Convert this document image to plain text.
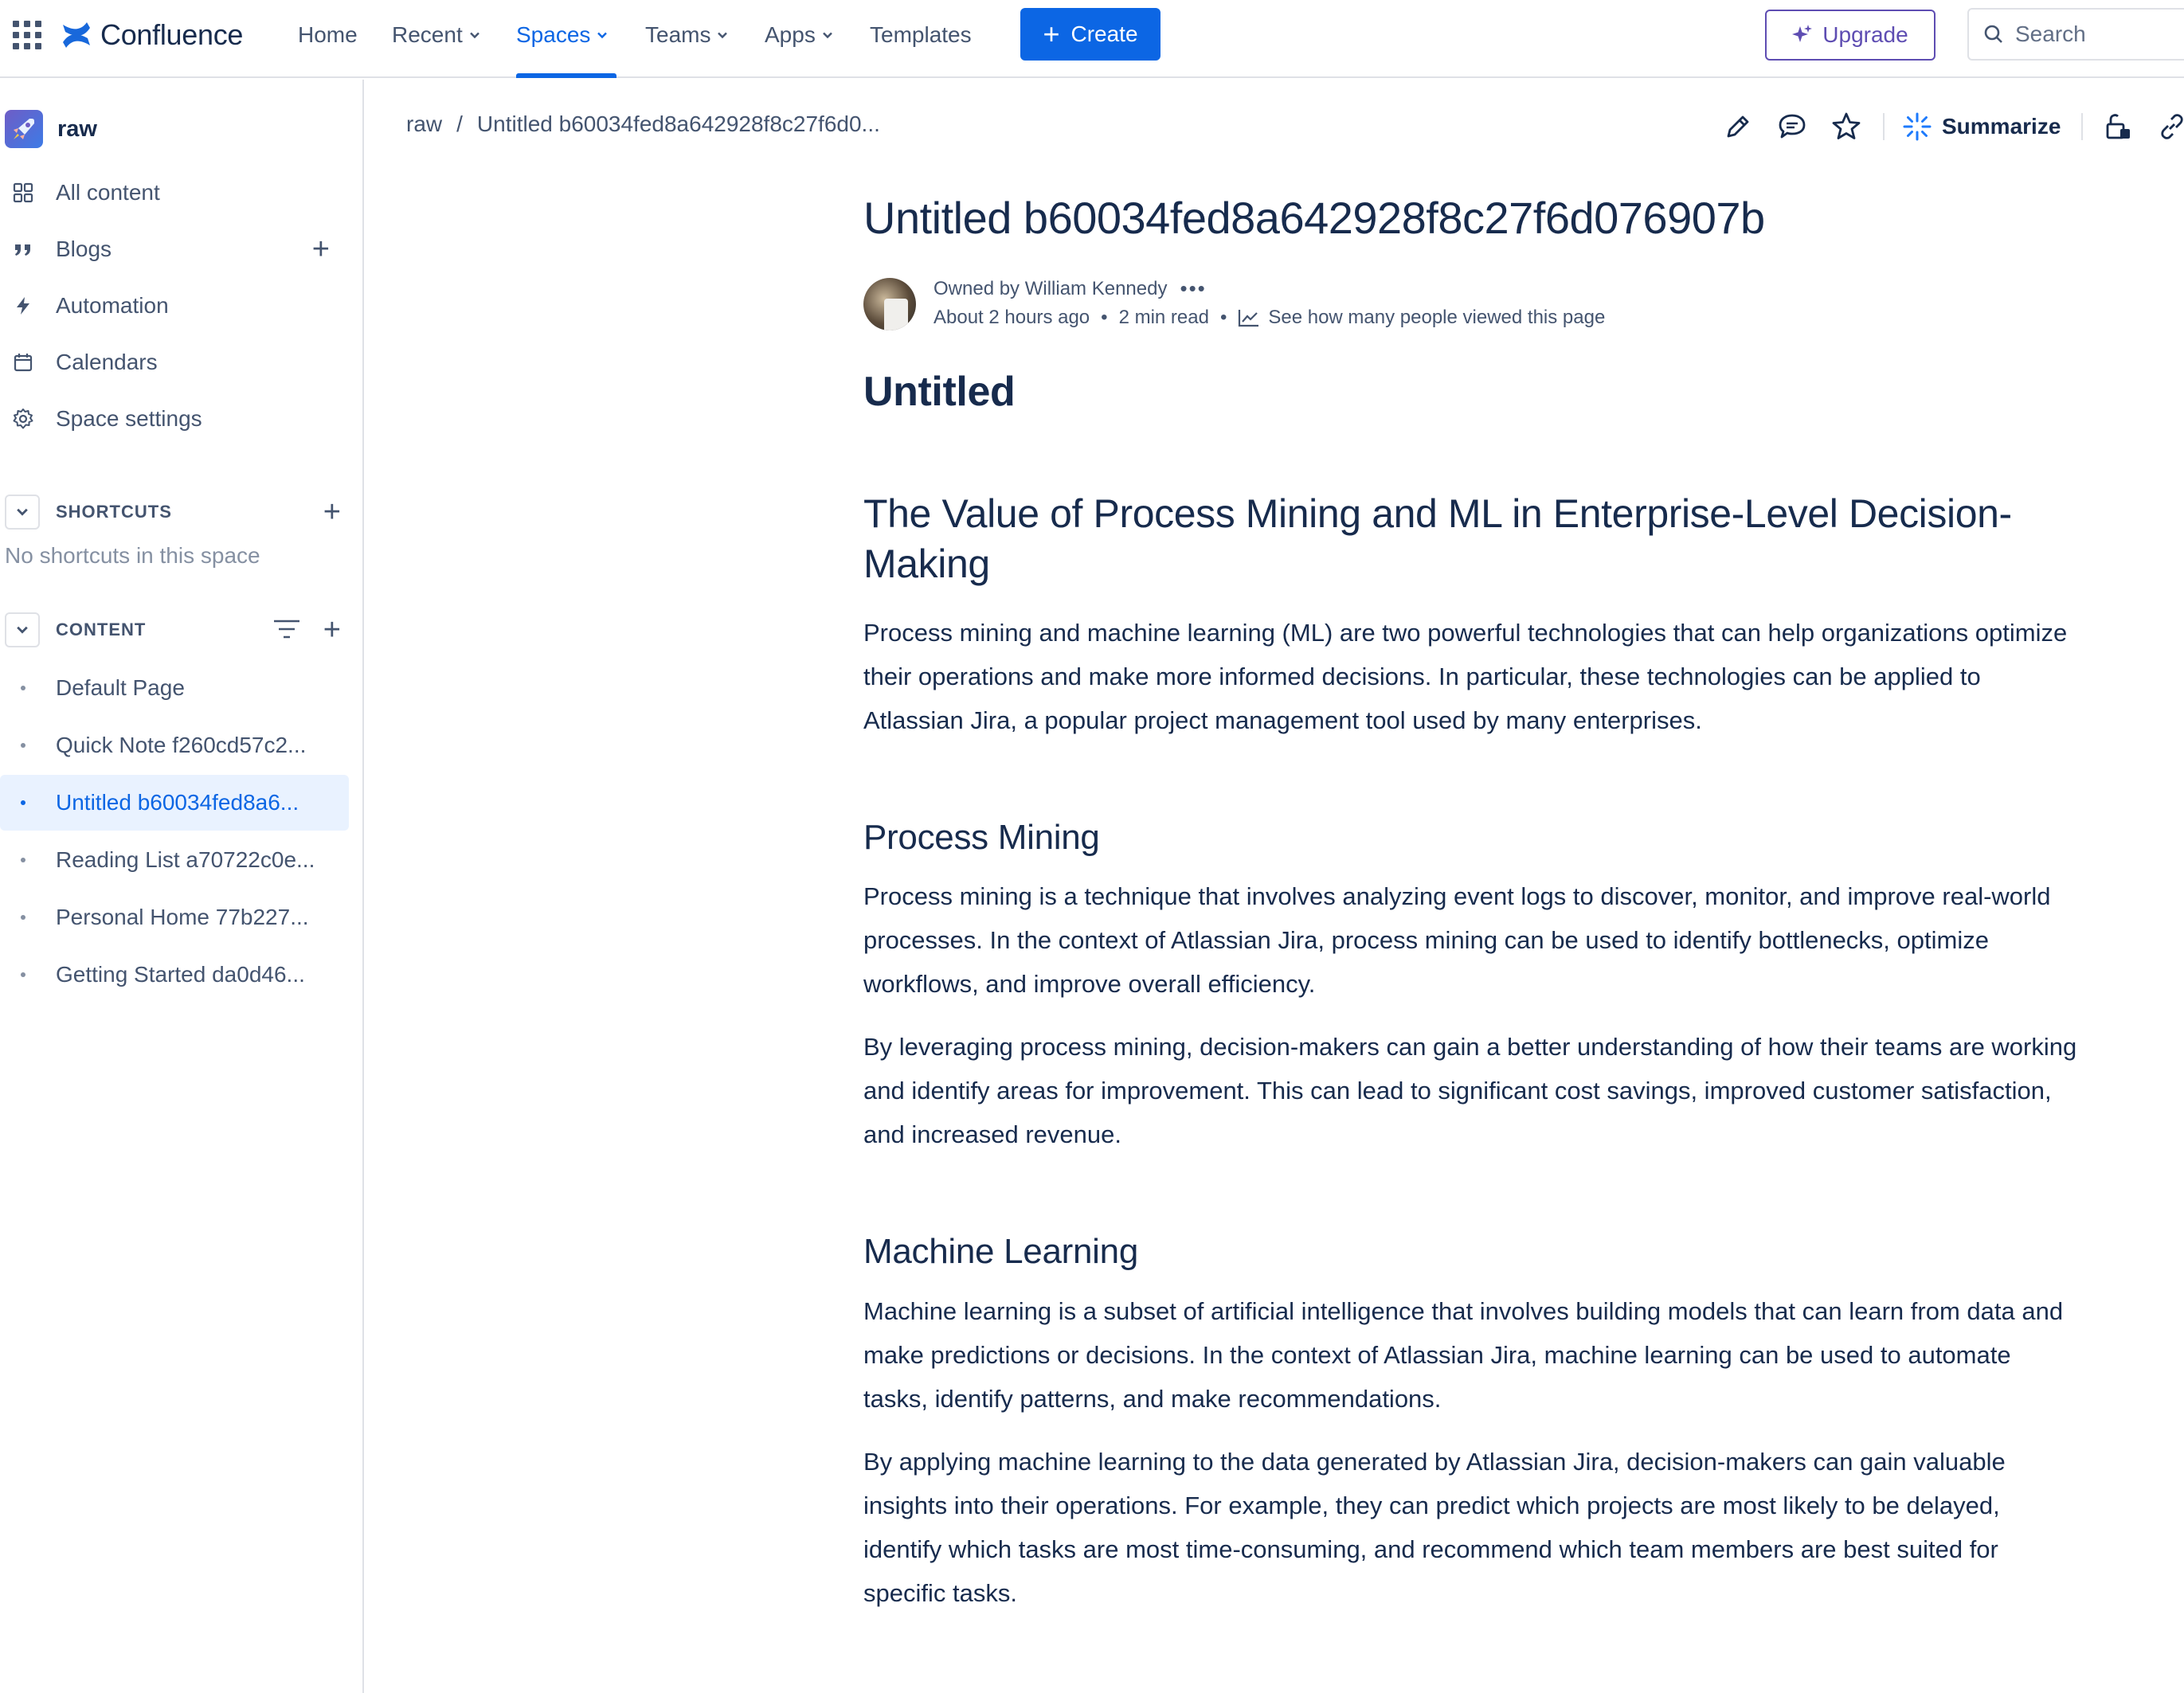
Confluence Home Recent Spaces Teams Apps Templates + Create	Upgrade	Search
raw
All content
Blogs	+
Automation
Calendars
Space settings
SHORTCUTS	+
No shortcuts in this space
CONTENT	+
Default Page
Quick Note f260cd57c2...
Untitled b60034fed8a6...
Reading List a70722c0e...
Personal Home 77b227...
Getting Started da0d46...
raw / Untitled b60034fed8a642928f8c27f6d0...	Summarize
Untitled b60034fed8a642928f8c27f6d076907b
Owned by William Kennedy •••
About 2 hours ago • 2 min read • See how many people viewed this page
Untitled
The Value of Process Mining and ML in Enterprise-Level Decision-Making

Process mining and machine learning (ML) are two powerful technologies that can help organizations optimize their operations and make more informed decisions. In particular, these technologies can be applied to Atlassian Jira, a popular project management tool used by many enterprises.

Process Mining

Process mining is a technique that involves analyzing event logs to discover, monitor, and improve real-world processes. In the context of Atlassian Jira, process mining can be used to identify bottlenecks, optimize workflows, and improve overall efficiency.

By leveraging process mining, decision-makers can gain a better understanding of how their teams are working and identify areas for improvement. This can lead to significant cost savings, improved customer satisfaction, and increased revenue.

Machine Learning

Machine learning is a subset of artificial intelligence that involves building models that can learn from data and make predictions or decisions. In the context of Atlassian Jira, machine learning can be used to automate tasks, identify patterns, and make recommendations.

By applying machine learning to the data generated by Atlassian Jira, decision-makers can gain valuable insights into their operations. For example, they can predict which projects are most likely to be delayed, identify which tasks are most time-consuming, and recommend which team members are best suited for specific tasks.
